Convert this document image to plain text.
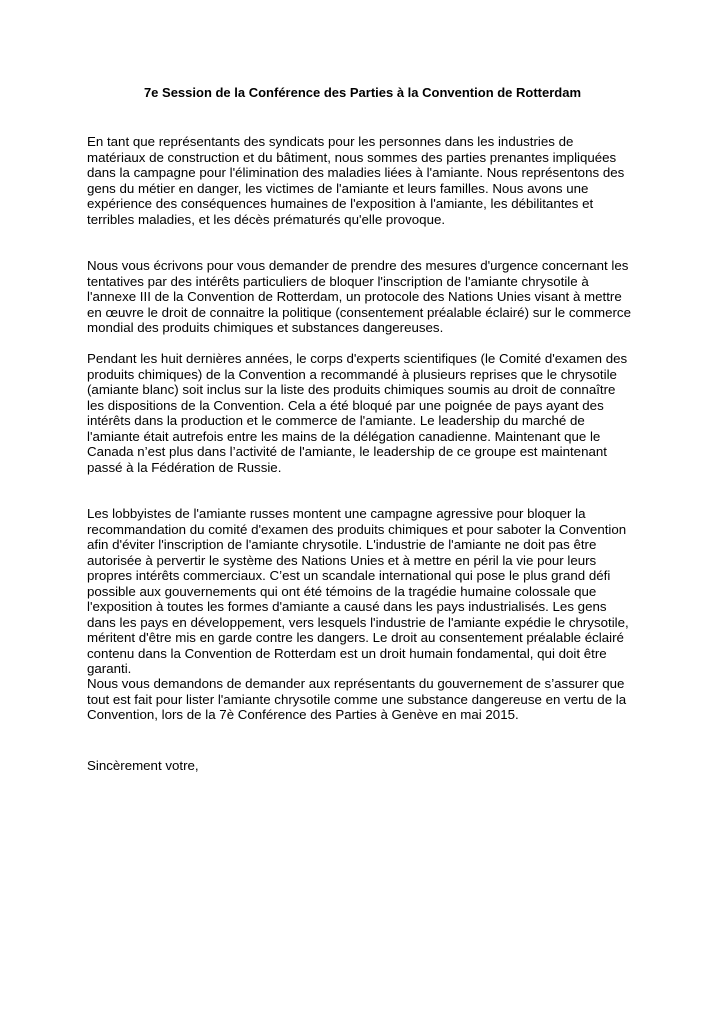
7e Session de la Conférence des Parties à la Convention de Rotterdam
En tant que représentants des syndicats pour les personnes dans les industries de
matériaux de construction et du bâtiment, nous sommes des parties prenantes impliquées
dans la campagne pour l'élimination des maladies liées à l'amiante. Nous représentons des
gens du métier en danger, les victimes de l'amiante et leurs familles. Nous avons une
expérience des conséquences humaines de l'exposition à l'amiante, les débilitantes et
terribles maladies, et les décès prématurés qu'elle provoque.
Nous vous écrivons pour vous demander de prendre des mesures d'urgence concernant les
tentatives par des intérêts particuliers de bloquer l'inscription de l'amiante chrysotile à
l'annexe III de la Convention de Rotterdam, un protocole des Nations Unies visant à mettre
en œuvre le droit de connaitre la politique (consentement préalable éclairé) sur le commerce
mondial des produits chimiques et substances dangereuses.
Pendant les huit dernières années, le corps d'experts scientifiques (le Comité d'examen des
produits chimiques) de la Convention a recommandé à plusieurs reprises que le chrysotile
(amiante blanc) soit inclus sur la liste des produits chimiques soumis au droit de connaître
les dispositions de la Convention. Cela a été bloqué par une poignée de pays ayant des
intérêts dans la production et le commerce de l'amiante. Le leadership du marché de
l'amiante était autrefois entre les mains de la délégation canadienne. Maintenant que le
Canada n’est plus dans l’activité de l'amiante, le leadership de ce groupe est maintenant
passé à la Fédération de Russie.
Les lobbyistes de l'amiante russes montent une campagne agressive pour bloquer la
recommandation du comité d'examen des produits chimiques et pour saboter la Convention
afin d'éviter l'inscription de l'amiante chrysotile. L'industrie de l'amiante ne doit pas être
autorisée à pervertir le système des Nations Unies et à mettre en péril la vie pour leurs
propres intérêts commerciaux. C’est un scandale international qui pose le plus grand défi
possible aux gouvernements qui ont été témoins de la tragédie humaine colossale que
l'exposition à toutes les formes d'amiante a causé dans les pays industrialisés. Les gens
dans les pays en développement, vers lesquels l'industrie de l'amiante expédie le chrysotile,
méritent d'être mis en garde contre les dangers. Le droit au consentement préalable éclairé
contenu dans la Convention de Rotterdam est un droit humain fondamental, qui doit être
garanti.
Nous vous demandons de demander aux représentants du gouvernement de s’assurer que
tout est fait pour lister l'amiante chrysotile comme une substance dangereuse en vertu de la
Convention, lors de la 7è Conférence des Parties à Genève en mai 2015.
Sincèrement votre,
